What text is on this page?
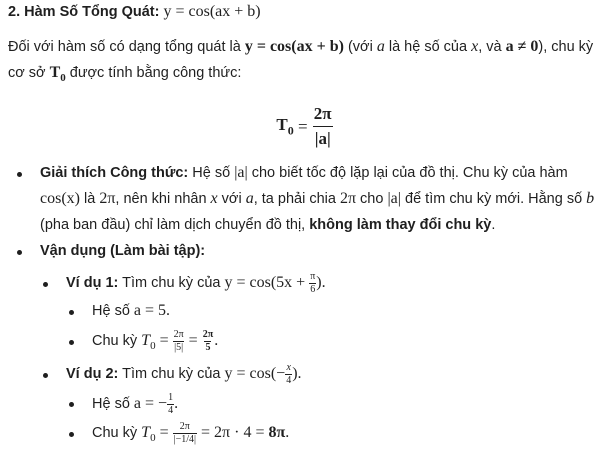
2. Hàm Số Tổng Quát: y = cos(ax + b)
Đối với hàm số có dạng tổng quát là y = cos(ax + b) (với a là hệ số của x, và a ≠ 0), chu kỳ cơ sở $T_0$ được tính bằng công thức:
$T_0 = \frac{2\pi}{|a|}$
Giải thích Công thức: Hệ số |a| cho biết tốc độ lặp lại của đồ thị. Chu kỳ của hàm cos(x) là 2π, nên khi nhân x với a, ta phải chia 2π cho |a| để tìm chu kỳ mới. Hằng số b (pha ban đầu) chỉ làm dịch chuyển đồ thị, không làm thay đổi chu kỳ.
Vận dụng (Làm bài tập):
Ví dụ 1: Tìm chu kỳ của $y = \cos(5x + \frac{\pi}{6}$ ).
Hệ số a = 5.
Chu kỳ $T_0 = \frac{2\pi}{|5|} = \frac{2\pi}{5}$ .
Ví dụ 2: Tìm chu kỳ của $y = \cos(- \frac{x}{4}$ ).
Hệ số a = − $\frac{1}{4}$ .
Chu kỳ $T_0 = \frac{2\pi}{|-1/4|} = 2\pi \cdot 4 = 8\pi$.
